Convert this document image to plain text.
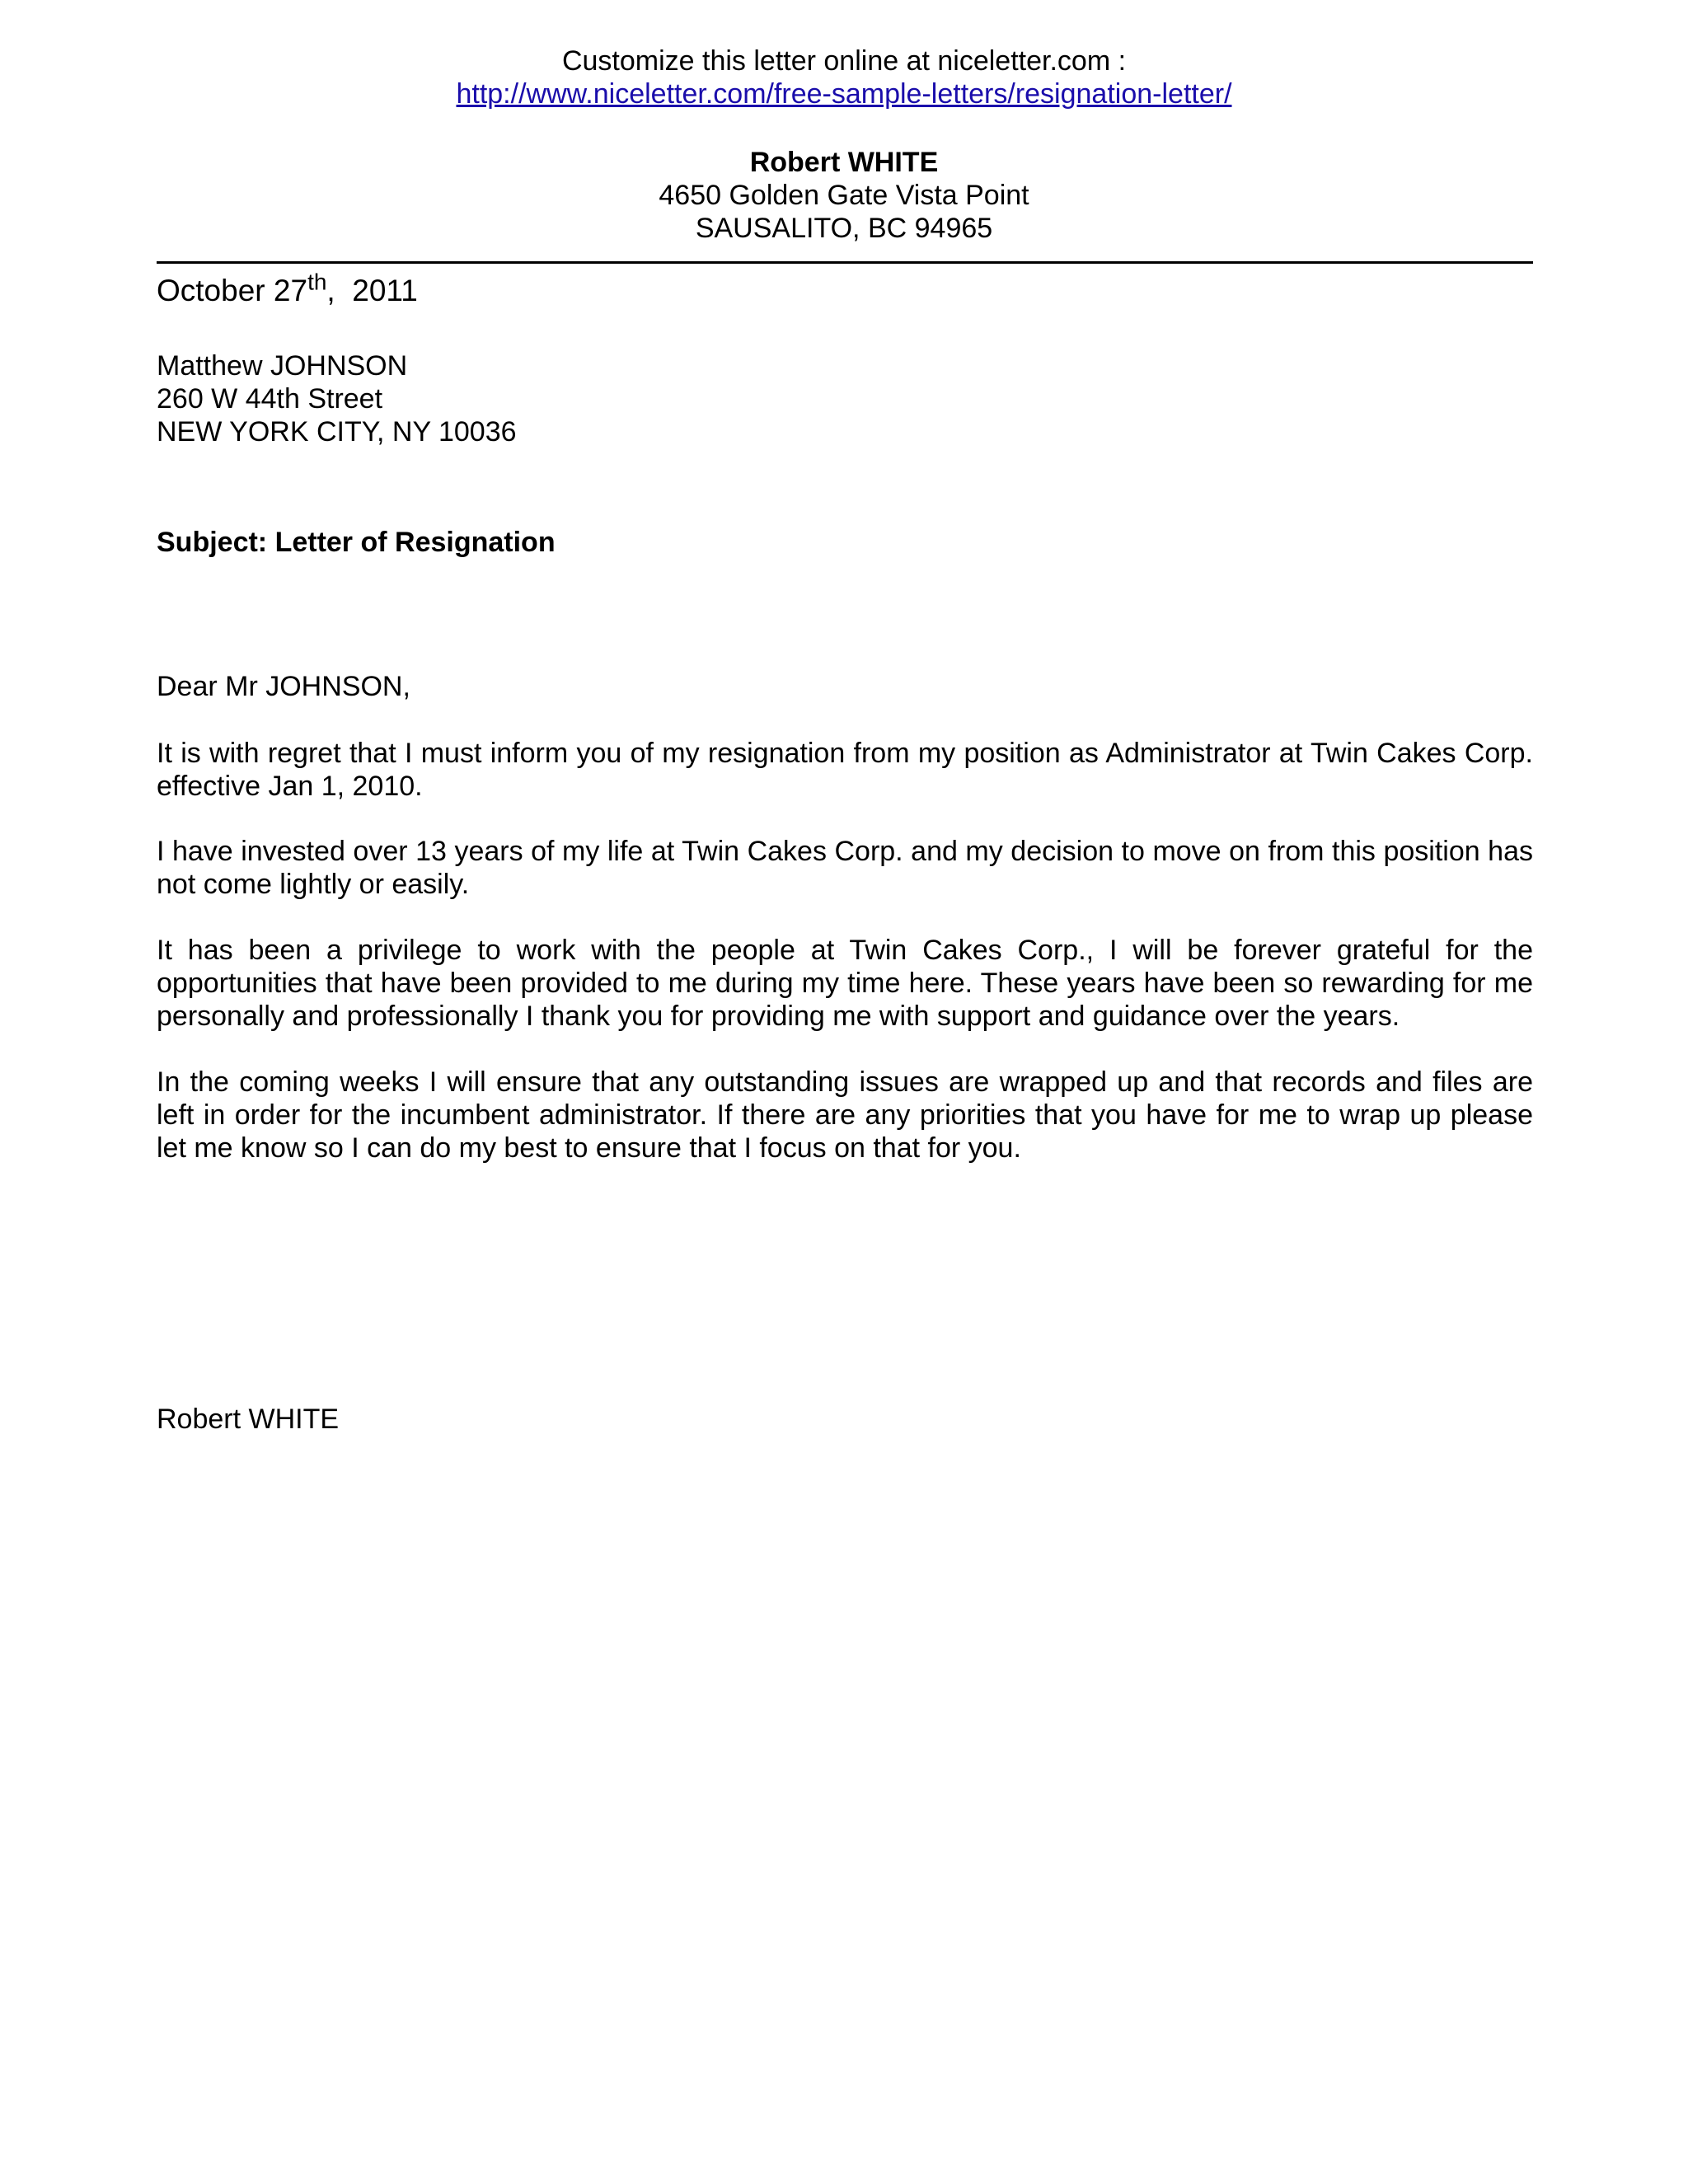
Customize this letter online at niceletter.com :
http://www.niceletter.com/free-sample-letters/resignation-letter/
Robert WHITE
4650 Golden Gate Vista Point
SAUSALITO, BC 94965
October 27th,  2011
Matthew JOHNSON
260 W 44th Street
NEW YORK CITY, NY 10036
Subject: Letter of Resignation
Dear Mr JOHNSON,
It is with regret that I must inform you of my resignation from my position as Administrator at Twin Cakes Corp. effective Jan 1, 2010.
I have invested over 13 years of my life at Twin Cakes Corp. and my decision to move on from this position has not come lightly or easily.
It has been a privilege to work with the people at Twin Cakes Corp., I will be forever grateful for the opportunities that have been provided to me during my time here. These years have been so rewarding for me personally and professionally I thank you for providing me with support and guidance over the years.
In the coming weeks I will ensure that any outstanding issues are wrapped up and that records and files are left in order for the incumbent administrator. If there are any priorities that you have for me to wrap up please let me know so I can do my best to ensure that I focus on that for you.
Robert WHITE
